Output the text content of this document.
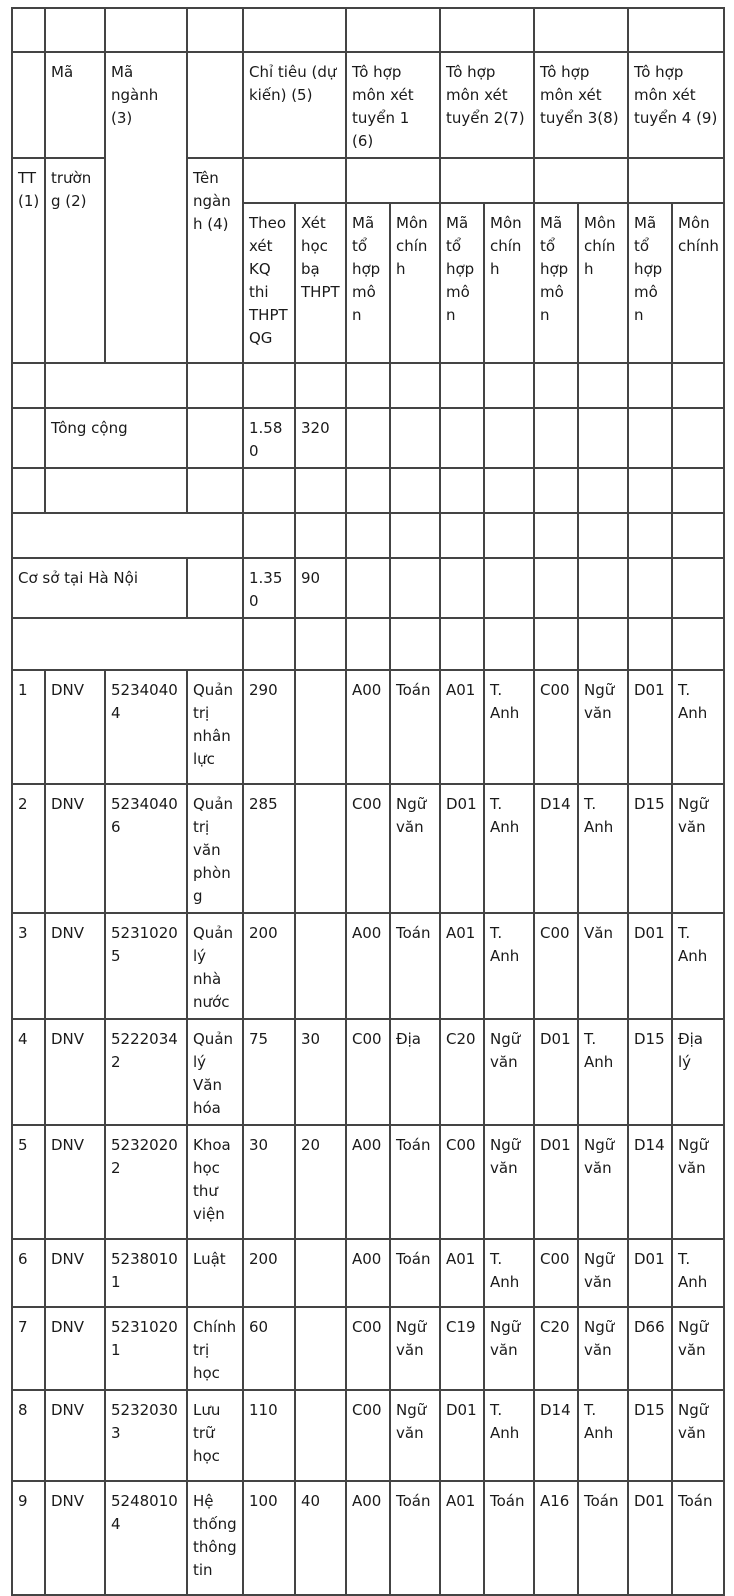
	Mã	Mã ngành (3)		Chỉ tiêu (dự kiến) (5)		Tô hợp môn xét tuyển 1 (6)		Tô hợp môn xét tuyển 2(7)		Tô hợp môn xét tuyển 3(8)		Tô hợp môn xét tuyển 4 (9)	
TT (1)	trường (2)		Tên ngành (4)										
				Theo xét KQ thi THPT QG	Xét học bạ THPT	Mã tổ hợp môn	Môn chính	Mã tổ hợp môn	Môn chính	Mã tổ hợp môn	Môn chính	Mã tổ hợp môn	Môn chính

	Tông cộng			1.580	320								

Cơ sở tại Hà Nội				1.350	90								

1	DNV	52340404	Quản trị nhân lực	290		A00	Toán	A01	T. Anh	C00	Ngữ văn	D01	T. Anh
2	DNV	52340406	Quản trị văn phòng	285		C00	Ngữ văn	D01	T. Anh	D14	T. Anh	D15	Ngữ văn
3	DNV	52310205	Quản lý nhà nước	200		A00	Toán	A01	T. Anh	C00	Văn	D01	T. Anh
4	DNV	52220342	Quản lý Văn hóa	75	30	C00	Địa	C20	Ngữ văn	D01	T. Anh	D15	Địa lý
5	DNV	52320202	Khoa học thư viện	30	20	A00	Toán	C00	Ngữ văn	D01	Ngữ văn	D14	Ngữ văn
6	DNV	52380101	Luật	200		A00	Toán	A01	T. Anh	C00	Ngữ văn	D01	T. Anh
7	DNV	52310201	Chính trị học	60		C00	Ngữ văn	C19	Ngữ văn	C20	Ngữ văn	D66	Ngữ văn
8	DNV	52320303	Lưu trữ học	110		C00	Ngữ văn	D01	T. Anh	D14	T. Anh	D15	Ngữ văn
9	DNV	52480104	Hệ thống thông tin	100	40	A00	Toán	A01	Toán	A16	Toán	D01	Toán
